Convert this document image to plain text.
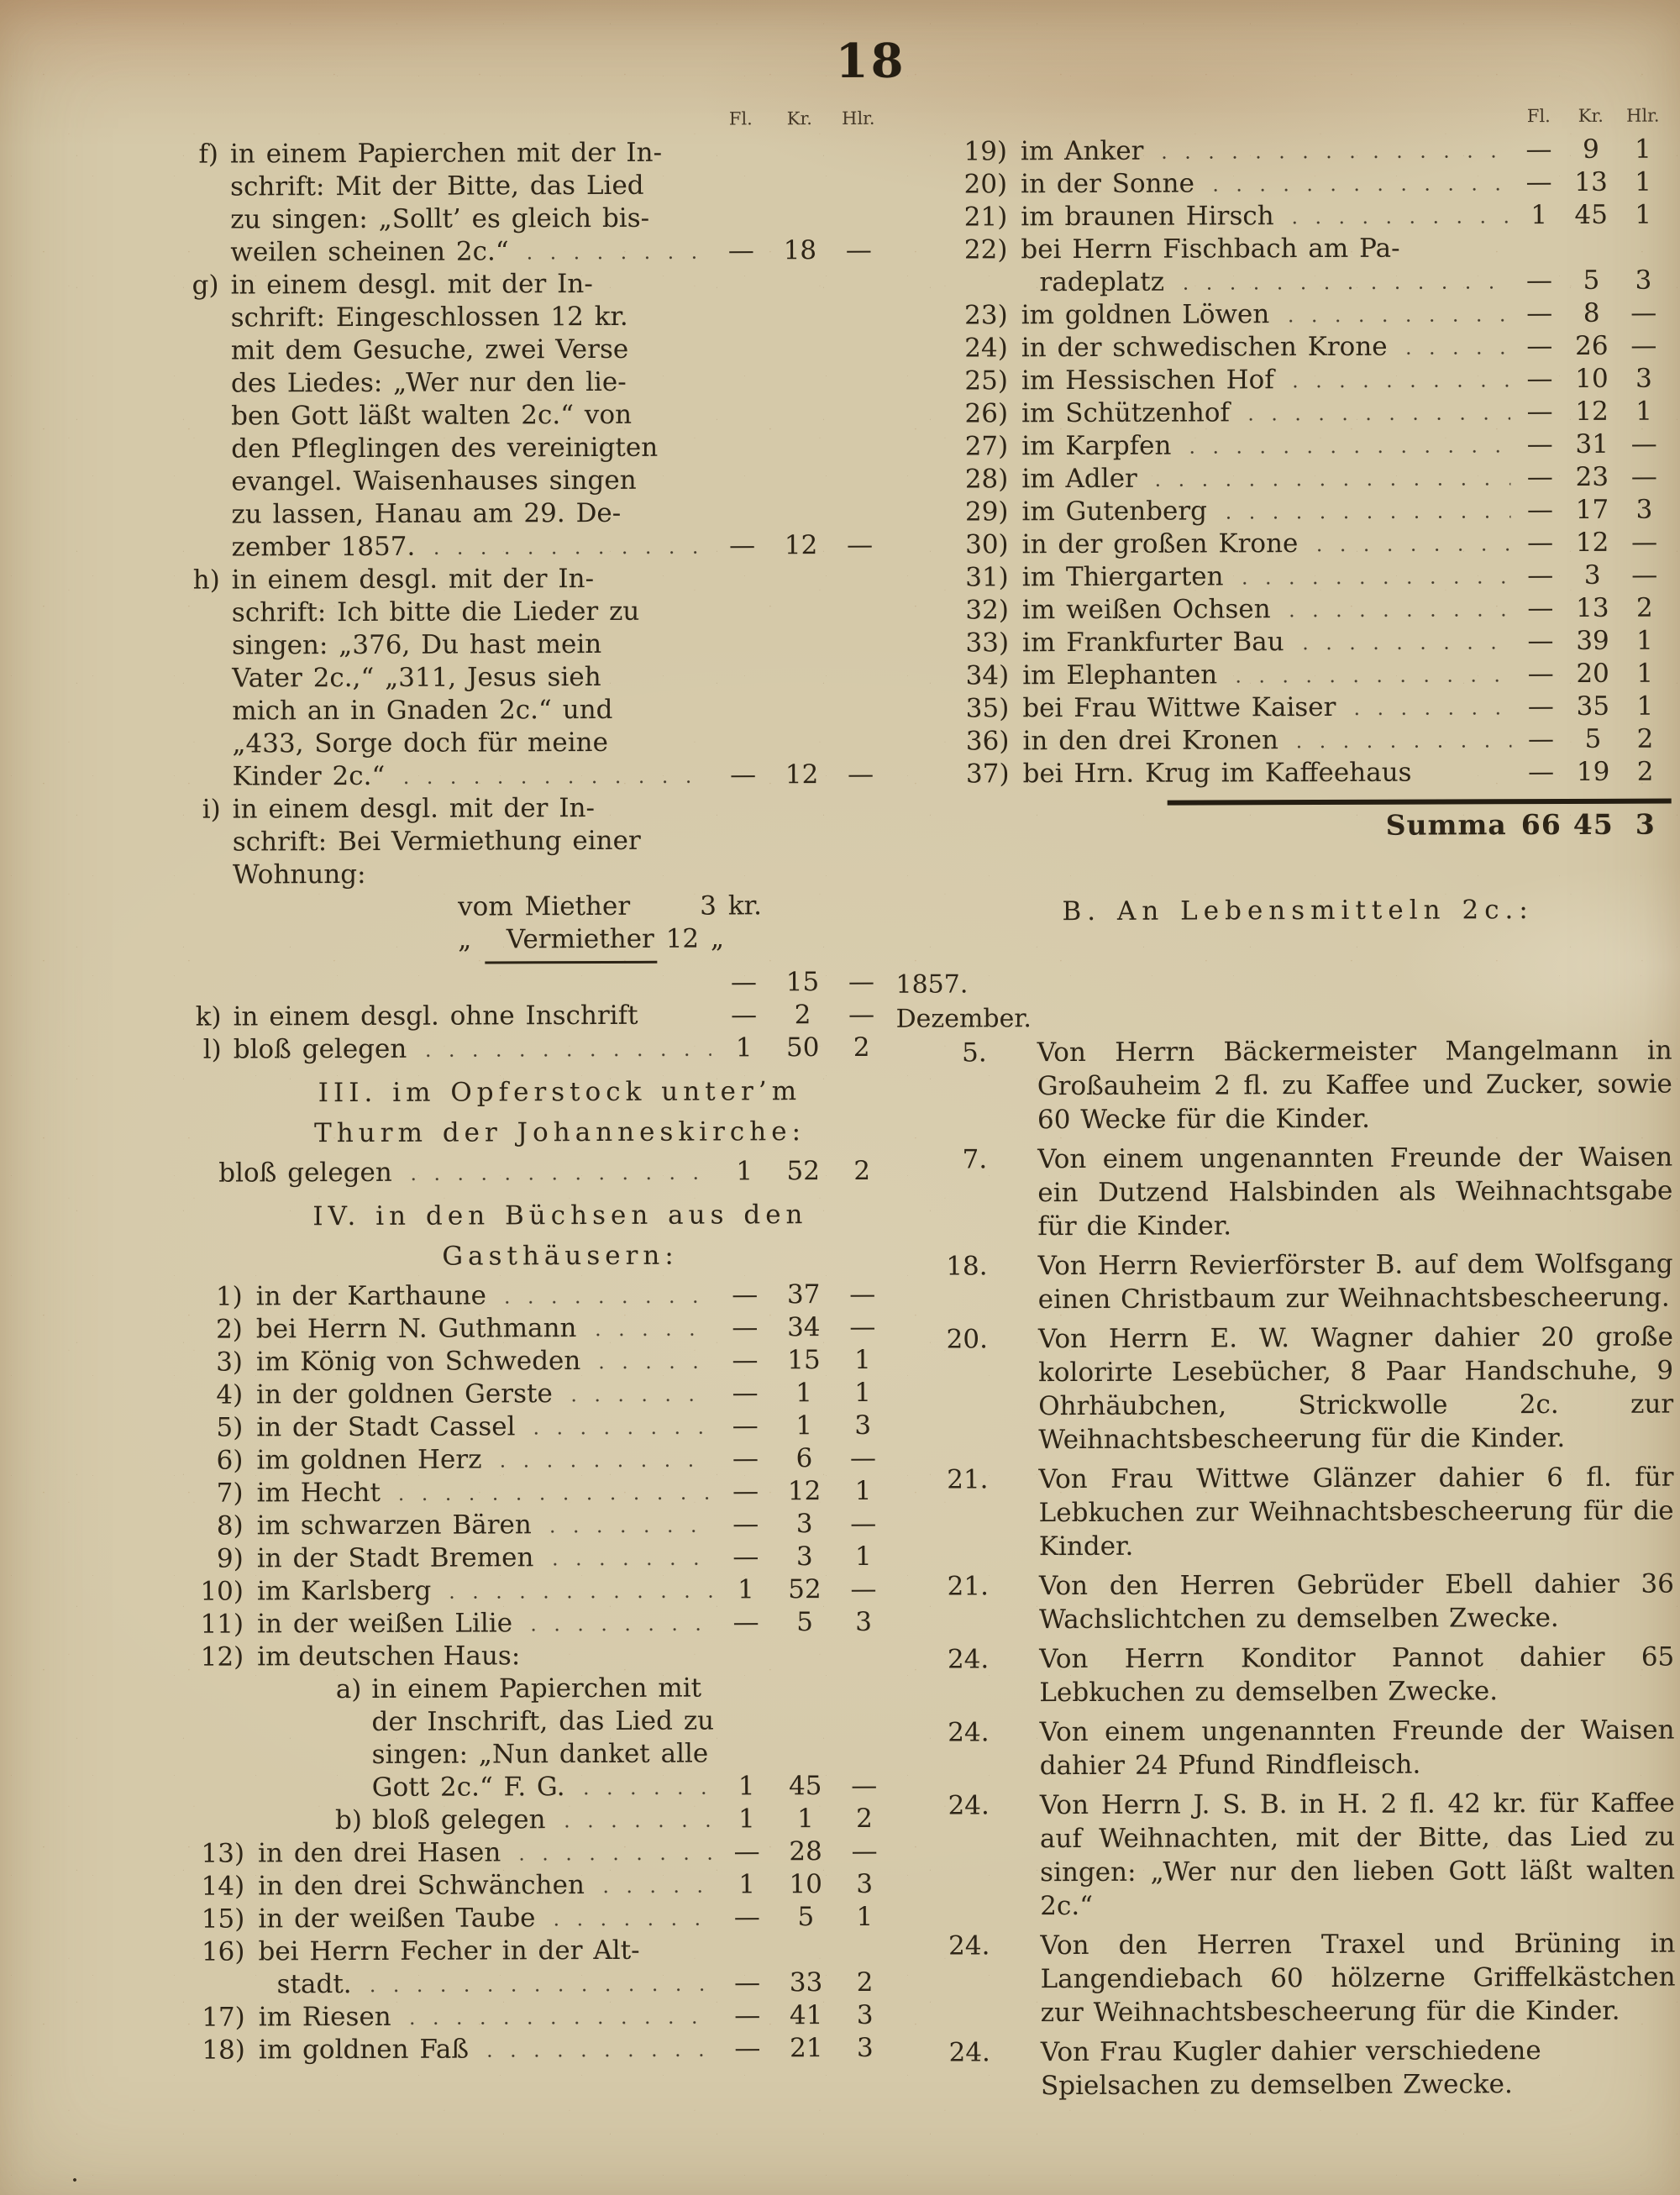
18
Fl.	Kr.	Hlr.
f) in einem Papierchen mit der In-
schrift: Mit der Bitte, das Lied
zu singen: „Sollt’ es gleich bis-
weilen scheinen 2c.“	—	18	—
g) in einem desgl. mit der In-
schrift: Eingeschlossen 12 kr.
mit dem Gesuche, zwei Verse
des Liedes: „Wer nur den lie-
ben Gott läßt walten 2c.“ von
den Pfleglingen des vereinigten
evangel. Waisenhauses singen
zu lassen, Hanau am 29. De-
zember 1857.	—	12	—
h) in einem desgl. mit der In-
schrift: Ich bitte die Lieder zu
singen: „376, Du hast mein
Vater 2c.,“ „311, Jesus sieh
mich an in Gnaden 2c.“ und
„433, Sorge doch für meine
Kinder 2c.“	—	12	—
i) in einem desgl. mit der In-
schrift: Bei Vermiethung einer
Wohnung:
vom Miether      3 kr.
„   Vermiether 12 „
—	15	—
k) in einem desgl. ohne Inschrift	—	2	—
l) bloß gelegen	1	50	2
III. im Opferstock unter’m
Thurm der Johanneskirche:
bloß gelegen	1	52	2
IV. in den Büchsen aus den
Gasthäusern:
1) in der Karthaune	—	37	—
2) bei Herrn N. Guthmann	—	34	—
3) im König von Schweden	—	15	1
4) in der goldnen Gerste	—	1	1
5) in der Stadt Cassel	—	1	3
6) im goldnen Herz	—	6	—
7) im Hecht	—	12	1
8) im schwarzen Bären	—	3	—
9) in der Stadt Bremen	—	3	1
10) im Karlsberg	1	52	—
11) in der weißen Lilie	—	5	3
12) im deutschen Haus:
a) in einem Papierchen mit
der Inschrift, das Lied zu
singen: „Nun danket alle
Gott 2c.“ F. G.	1	45	—
b) bloß gelegen	1	1	2
13) in den drei Hasen	—	28	—
14) in den drei Schwänchen	1	10	3
15) in der weißen Taube	—	5	1
16) bei Herrn Fecher in der Alt-
stadt.	—	33	2
17) im Riesen	—	41	3
18) im goldnen Faß	—	21	3
Fl.	Kr.	Hlr.
19) im Anker	—	9	1
20) in der Sonne	— 13	1
21) im braunen Hirsch	1	45	1
22) bei Herrn Fischbach am Pa-
radeplatz	—	5	3
23) im goldnen Löwen	—	8	—
24) in der schwedischen Krone	— 26 —
25) im Hessischen Hof	— 10	3
26) im Schützenhof	— 12	1
27) im Karpfen	— 31 —
28) im Adler	— 23 —
29) im Gutenberg	— 17	3
30) in der großen Krone	— 12 —
31) im Thiergarten	—	3	—
32) im weißen Ochsen	— 13	2
33) im Frankfurter Bau	— 39	1
34) im Elephanten	— 20	1
35) bei Frau Wittwe Kaiser	— 35	1
36) in den drei Kronen	—	5	2
37) bei Hrn. Krug im Kaffeehaus	— 19	2
Summa 66 45 3
B. An Lebensmitteln 2c.:
1857.
Dezember.
5. Von Herrn Bäckermeister Mangelmann in Großauheim 2 fl. zu Kaffee und Zucker, sowie 60 Wecke für die Kinder.
7. Von einem ungenannten Freunde der Waisen ein Dutzend Halsbinden als Weihnachtsgabe für die Kinder.
18. Von Herrn Revierförster B. auf dem Wolfsgang einen Christbaum zur Weihnachtsbescheerung.
20. Von Herrn E. W. Wagner dahier 20 große kolorirte Lesebücher, 8 Paar Handschuhe, 9 Ohrhäubchen, Strickwolle 2c. zur Weihnachtsbescheerung für die Kinder.
21. Von Frau Wittwe Glänzer dahier 6 fl. für Lebkuchen zur Weihnachtsbescheerung für die Kinder.
21. Von den Herren Gebrüder Ebell dahier 36 Wachslichtchen zu demselben Zwecke.
24. Von Herrn Konditor Pannot dahier 65 Lebkuchen zu demselben Zwecke.
24. Von einem ungenannten Freunde der Waisen dahier 24 Pfund Rindfleisch.
24. Von Herrn J. S. B. in H. 2 fl. 42 kr. für Kaffee auf Weihnachten, mit der Bitte, das Lied zu singen: „Wer nur den lieben Gott läßt walten 2c.“
24. Von den Herren Traxel und Brüning in Langendiebach 60 hölzerne Griffelkästchen zur Weihnachtsbescheerung für die Kinder.
24. Von Frau Kugler dahier verschiedene Spielsachen zu demselben Zwecke.
